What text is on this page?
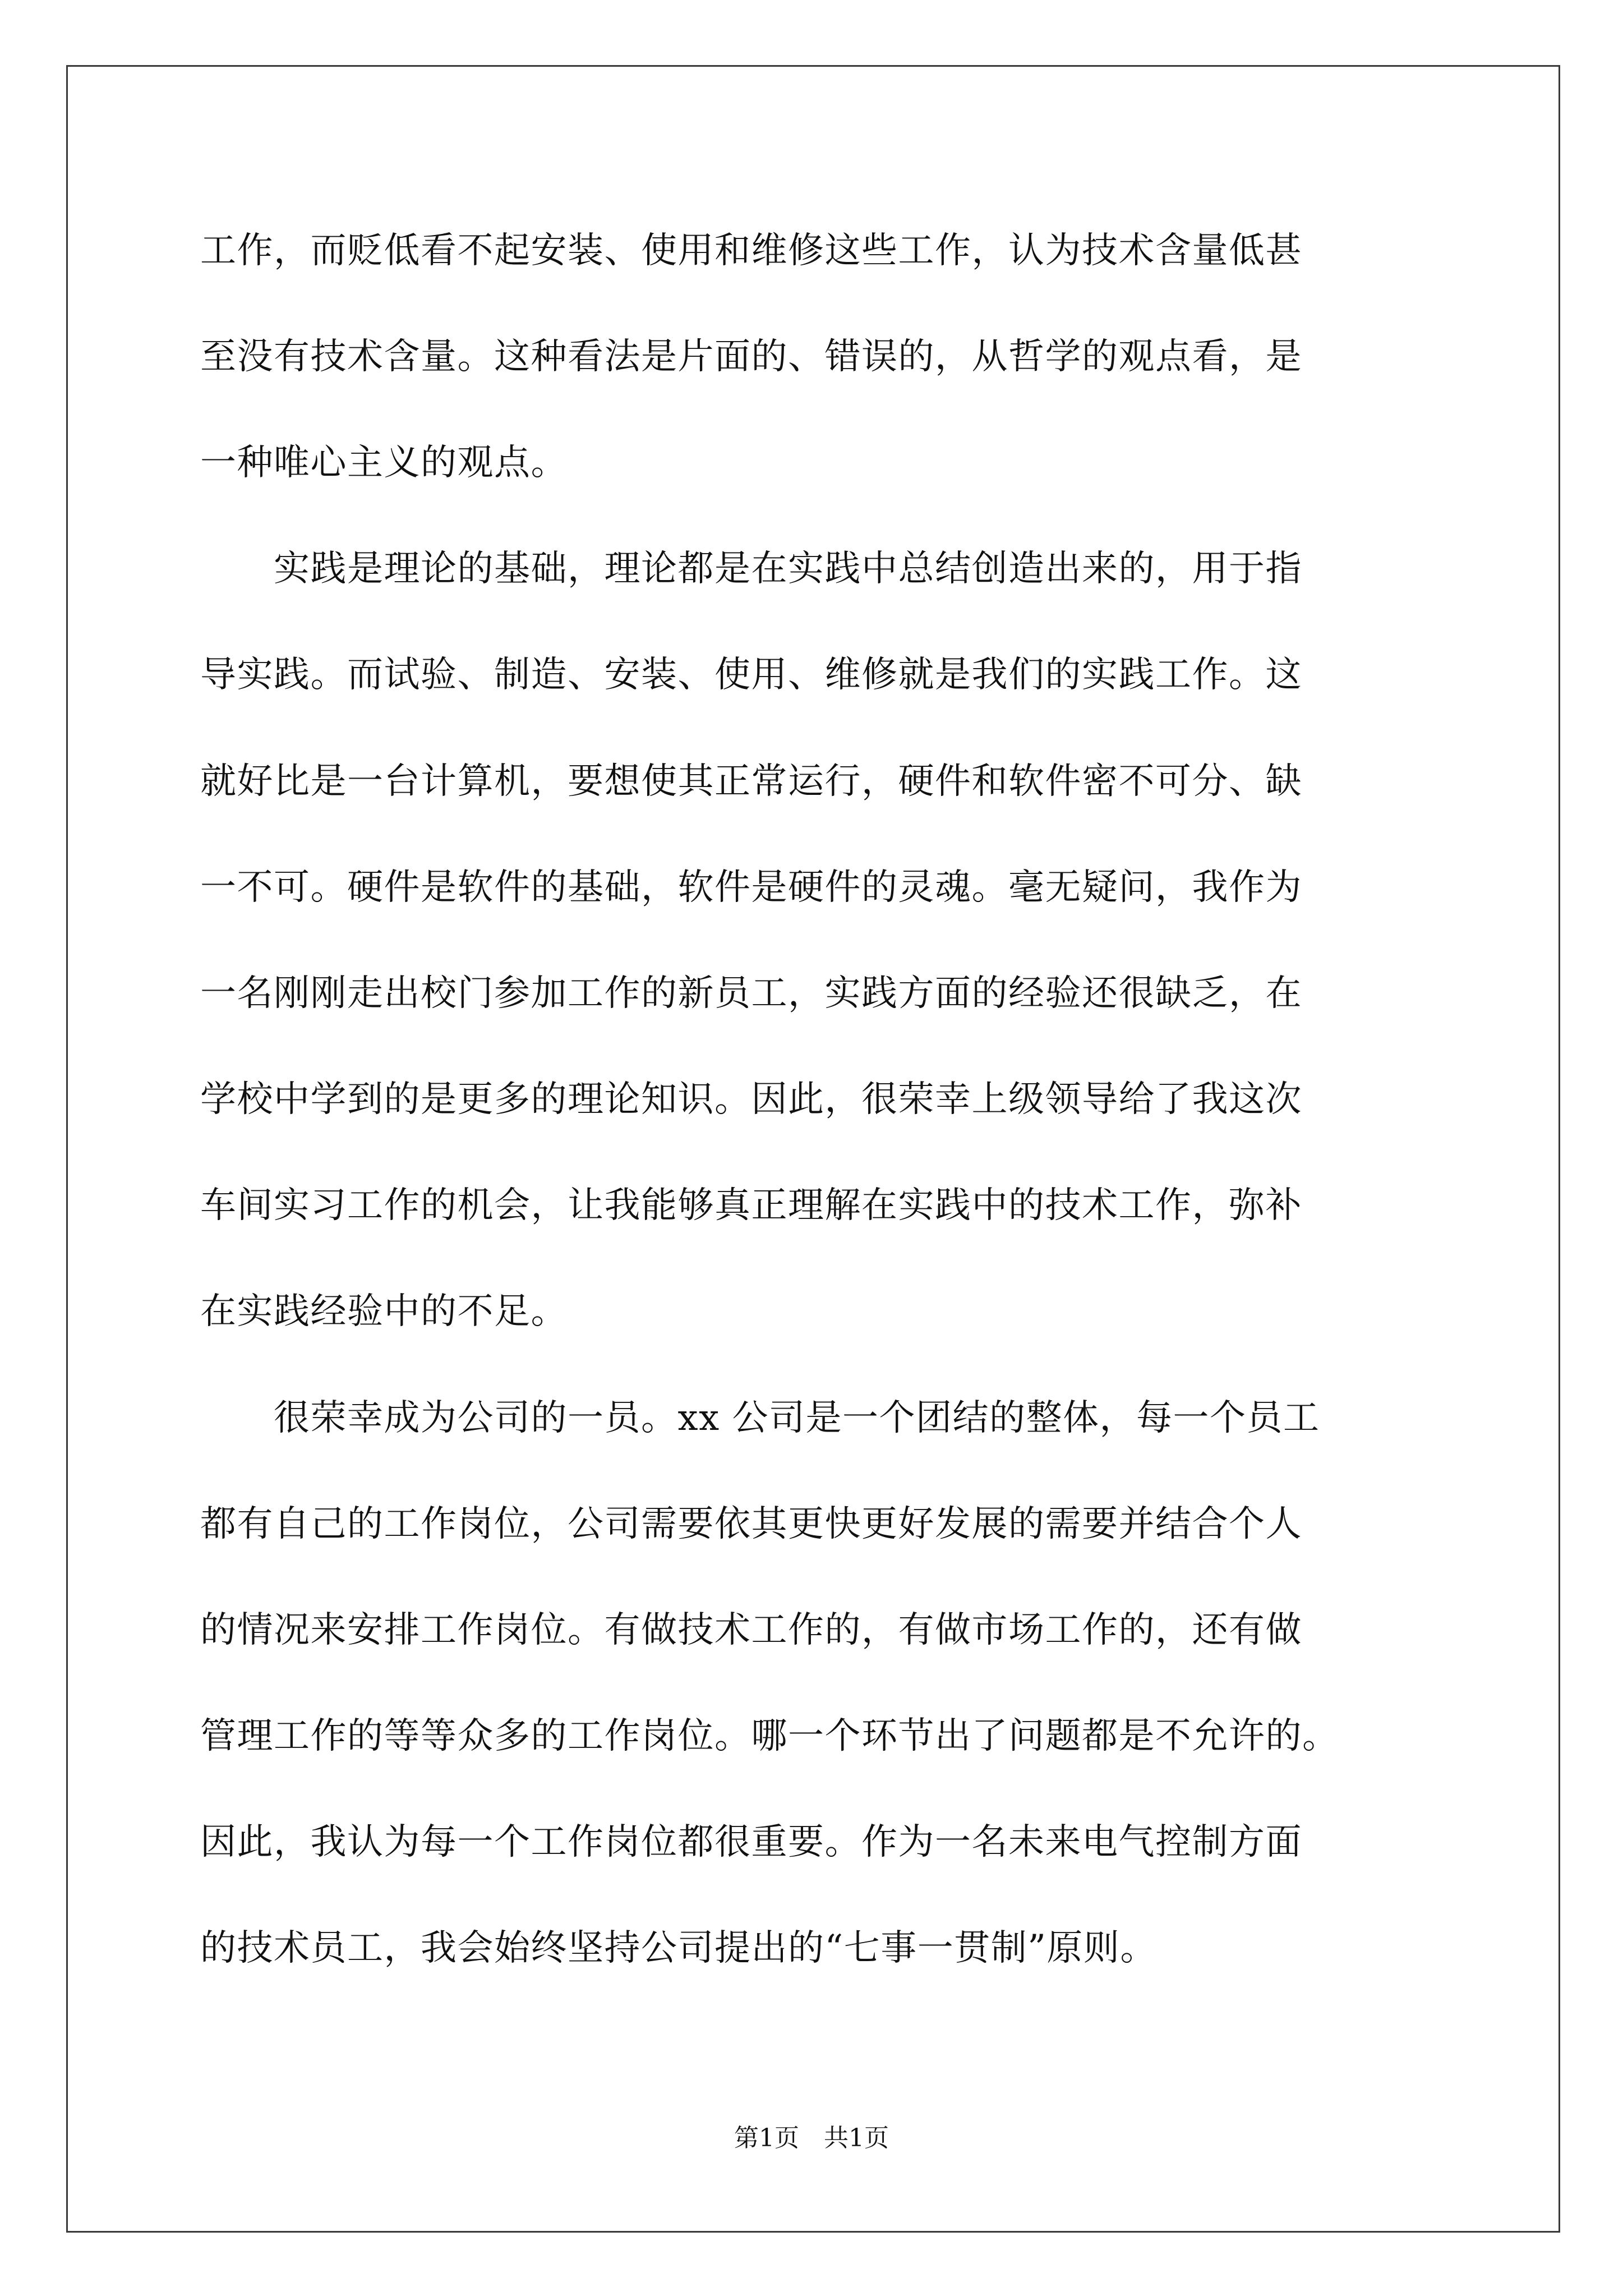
工作，而贬低看不起安装、使用和维修这些工作，认为技术含量低甚
至没有技术含量。这种看法是片面的、错误的，从哲学的观点看，是
一种唯心主义的观点。
　　实践是理论的基础，理论都是在实践中总结创造出来的，用于指
导实践。而试验、制造、安装、使用、维修就是我们的实践工作。这
就好比是一台计算机，要想使其正常运行，硬件和软件密不可分、缺
一不可。硬件是软件的基础，软件是硬件的灵魂。毫无疑问，我作为
一名刚刚走出校门参加工作的新员工，实践方面的经验还很缺乏，在
学校中学到的是更多的理论知识。因此，很荣幸上级领导给了我这次
车间实习工作的机会，让我能够真正理解在实践中的技术工作，弥补
在实践经验中的不足。
　　很荣幸成为公司的一员。xx 公司是一个团结的整体，每一个员工
都有自己的工作岗位，公司需要依其更快更好发展的需要并结合个人
的情况来安排工作岗位。有做技术工作的，有做市场工作的，还有做
管理工作的等等众多的工作岗位。哪一个环节出了问题都是不允许的。
因此，我认为每一个工作岗位都很重要。作为一名未来电气控制方面
的技术员工，我会始终坚持公司提出的“七事一贯制”原则。
第1页　共1页
